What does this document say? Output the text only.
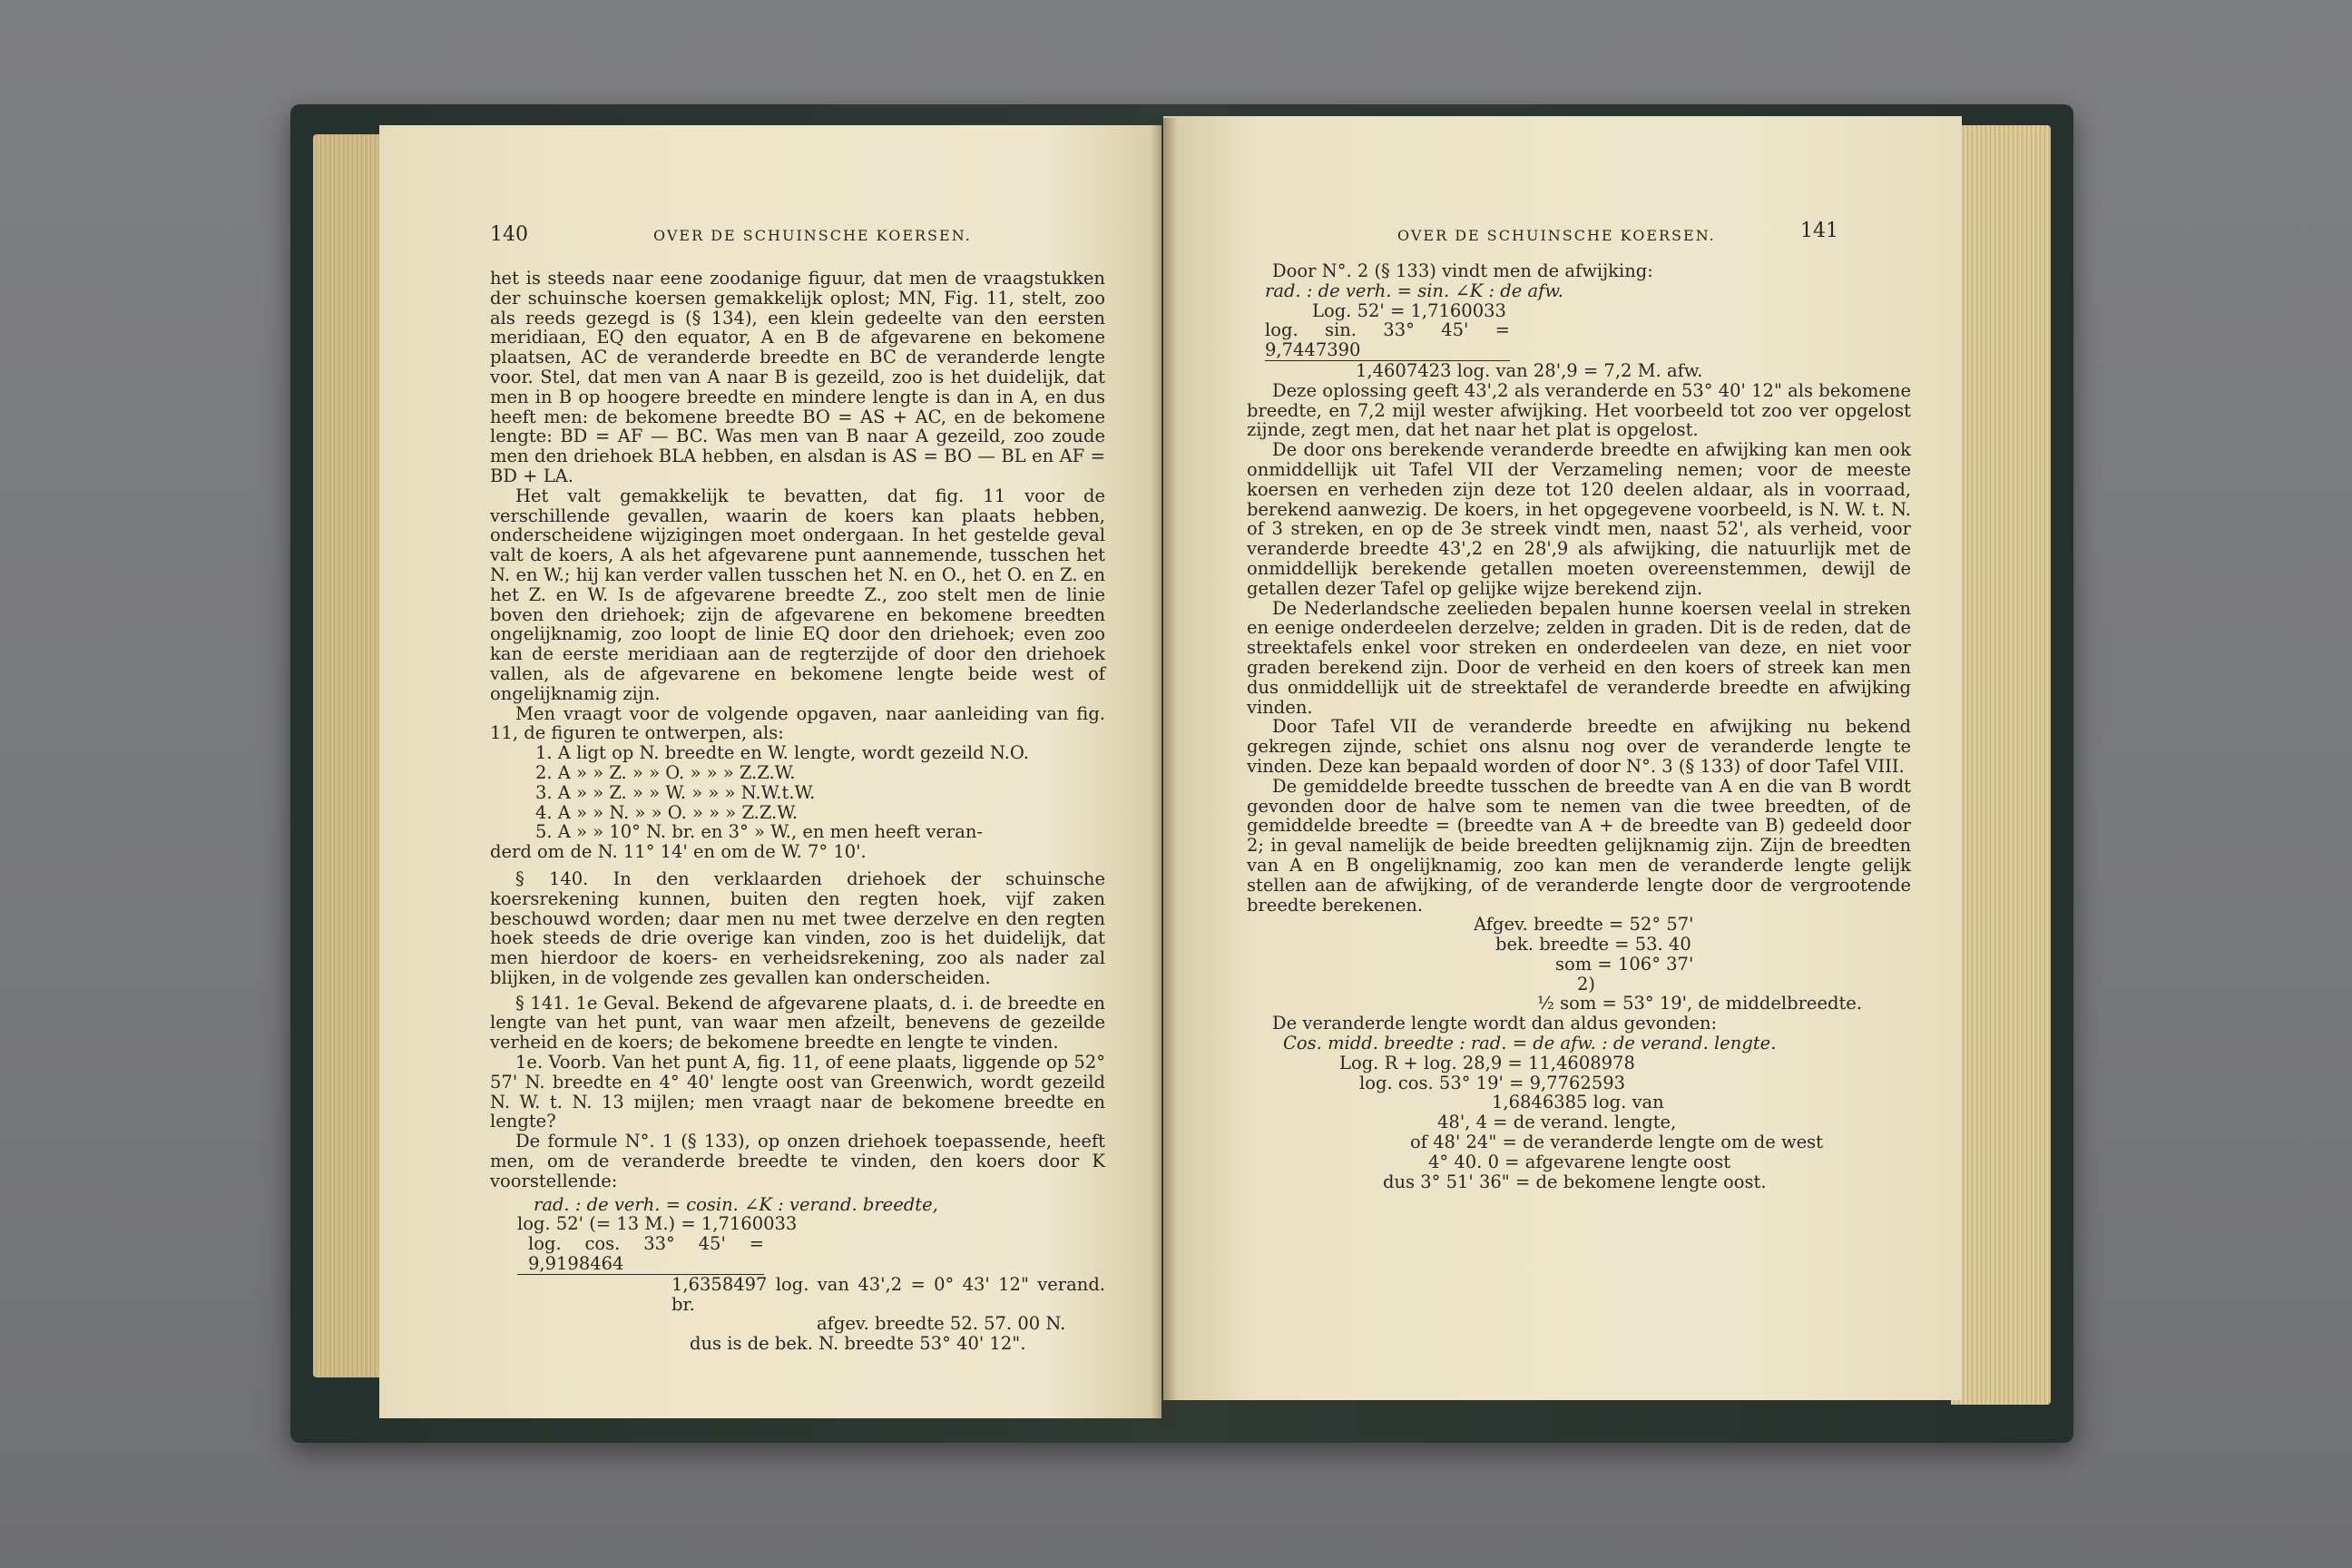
140	OVER DE SCHUINSCHE KOERSEN.

het is steeds naar eene zoodanige figuur, dat men de vraagstukken der schuinsche koersen gemakkelijk oplost; MN, Fig. 11, stelt, zoo als reeds gezegd is (§ 134), een klein gedeelte van den eersten meridiaan, EQ den equator, A en B de afgevarene en bekomene plaatsen, AC de veranderde breedte en BC de veranderde lengte voor. Stel, dat men van A naar B is gezeild, zoo is het duidelijk, dat men in B op hoogere breedte en mindere lengte is dan in A, en dus heeft men: de bekomene breedte BO = AS + AC, en de bekomene lengte: BD = AF — BC. Was men van B naar A gezeild, zoo zoude men den driehoek BLA hebben, en alsdan is AS = BO — BL en AF = BD + LA.

Het valt gemakkelijk te bevatten, dat fig. 11 voor de verschillende gevallen, waarin de koers kan plaats hebben, onderscheidene wijzigingen moet ondergaan. In het gestelde geval valt de koers, A als het afgevarene punt aannemende, tusschen het N. en W.; hij kan verder vallen tusschen het N. en O., het O. en Z. en het Z. en W. Is de afgevarene breedte Z., zoo stelt men de linie boven den driehoek; zijn de afgevarene en bekomene breedten ongelijknamig, zoo loopt de linie EQ door den driehoek; even zoo kan de eerste meridiaan aan de regterzijde of door den driehoek vallen, als de afgevarene en bekomene lengte beide west of ongelijknamig zijn.

Men vraagt voor de volgende opgaven, naar aanleiding van fig. 11, de figuren te ontwerpen, als:

1. A ligt op N. breedte en W. lengte, wordt gezeild N.O.
2. A » » Z. » » O. » » » Z.Z.W.
3. A » » Z. » » W. » » » N.W.t.W.
4. A » » N. » » O. » » » Z.Z.W.
5. A » » 10° N. br. en 3° » W., en men heeft veran-

derd om de N. 11° 14' en om de W. 7° 10'.

§ 140. In den verklaarden driehoek der schuinsche koersrekening kunnen, buiten den regten hoek, vijf zaken beschouwd worden; daar men nu met twee derzelve en den regten hoek steeds de drie overige kan vinden, zoo is het duidelijk, dat men hierdoor de koers- en verheidsrekening, zoo als nader zal blijken, in de volgende zes gevallen kan onderscheiden.

§ 141. 1e Geval. Bekend de afgevarene plaats, d. i. de breedte en lengte van het punt, van waar men afzeilt, benevens de gezeilde verheid en de koers; de bekomene breedte en lengte te vinden.

1e. Voorb. Van het punt A, fig. 11, of eene plaats, liggende op 52° 57' N. breedte en 4° 40' lengte oost van Greenwich, wordt gezeild N. W. t. N. 13 mijlen; men vraagt naar de bekomene breedte en lengte?

De formule N°. 1 (§ 133), op onzen driehoek toepassende, heeft men, om de veranderde breedte te vinden, den koers door K voorstellende:

rad. : de verh. = cosin. ∠K : verand. breedte,

log. 52' (= 13 M.) = 1,7160033

log. cos. 33° 45' = 9,9198464

1,6358497 log. van 43',2 = 0° 43' 12" verand. br.

afgev. breedte 52. 57. 00 N.

dus is de bek. N. breedte 53° 40' 12".

OVER DE SCHUINSCHE KOERSEN.	141

Door N°. 2 (§ 133) vindt men de afwijking:

rad. : de verh. = sin. ∠K : de afw.

Log. 52' = 1,7160033

log. sin. 33° 45' = 9,7447390

1,4607423 log. van 28',9 = 7,2 M. afw.

Deze oplossing geeft 43',2 als veranderde en 53° 40' 12" als bekomene breedte, en 7,2 mijl wester afwijking. Het voorbeeld tot zoo ver opgelost zijnde, zegt men, dat het naar het plat is opgelost.

De door ons berekende veranderde breedte en afwijking kan men ook onmiddellijk uit Tafel VII der Verzameling nemen; voor de meeste koersen en verheden zijn deze tot 120 deelen aldaar, als in voorraad, berekend aanwezig. De koers, in het opgegevene voorbeeld, is N. W. t. N. of 3 streken, en op de 3e streek vindt men, naast 52', als verheid, voor veranderde breedte 43',2 en 28',9 als afwijking, die natuurlijk met de onmiddellijk berekende getallen moeten overeenstemmen, dewijl de getallen dezer Tafel op gelijke wijze berekend zijn.

De Nederlandsche zeelieden bepalen hunne koersen veelal in streken en eenige onderdeelen derzelve; zelden in graden. Dit is de reden, dat de streektafels enkel voor streken en onderdeelen van deze, en niet voor graden berekend zijn. Door de verheid en den koers of streek kan men dus onmiddellijk uit de streektafel de veranderde breedte en afwijking vinden.

Door Tafel VII de veranderde breedte en afwijking nu bekend gekregen zijnde, schiet ons alsnu nog over de veranderde lengte te vinden. Deze kan bepaald worden of door N°. 3 (§ 133) of door Tafel VIII.

De gemiddelde breedte tusschen de breedte van A en die van B wordt gevonden door de halve som te nemen van die twee breedten, of de gemiddelde breedte = (breedte van A + de breedte van B) gedeeld door 2; in geval namelijk de beide breedten gelijknamig zijn. Zijn de breedten van A en B ongelijknamig, zoo kan men de veranderde lengte gelijk stellen aan de afwijking, of de veranderde lengte door de vergrootende breedte berekenen.

Afgev. breedte = 52° 57'

bek. breedte = 53. 40

som = 106° 37'

2)

½ som = 53° 19', de middelbreedte.

De veranderde lengte wordt dan aldus gevonden:

Cos. midd. breedte : rad. = de afw. : de verand. lengte.

Log. R + log. 28,9 = 11,4608978

log. cos. 53° 19' = 9,7762593

1,6846385 log. van

48', 4 = de verand. lengte,

of 48' 24" = de veranderde lengte om de west

4° 40. 0 = afgevarene lengte oost

dus 3° 51' 36" = de bekomene lengte oost.
